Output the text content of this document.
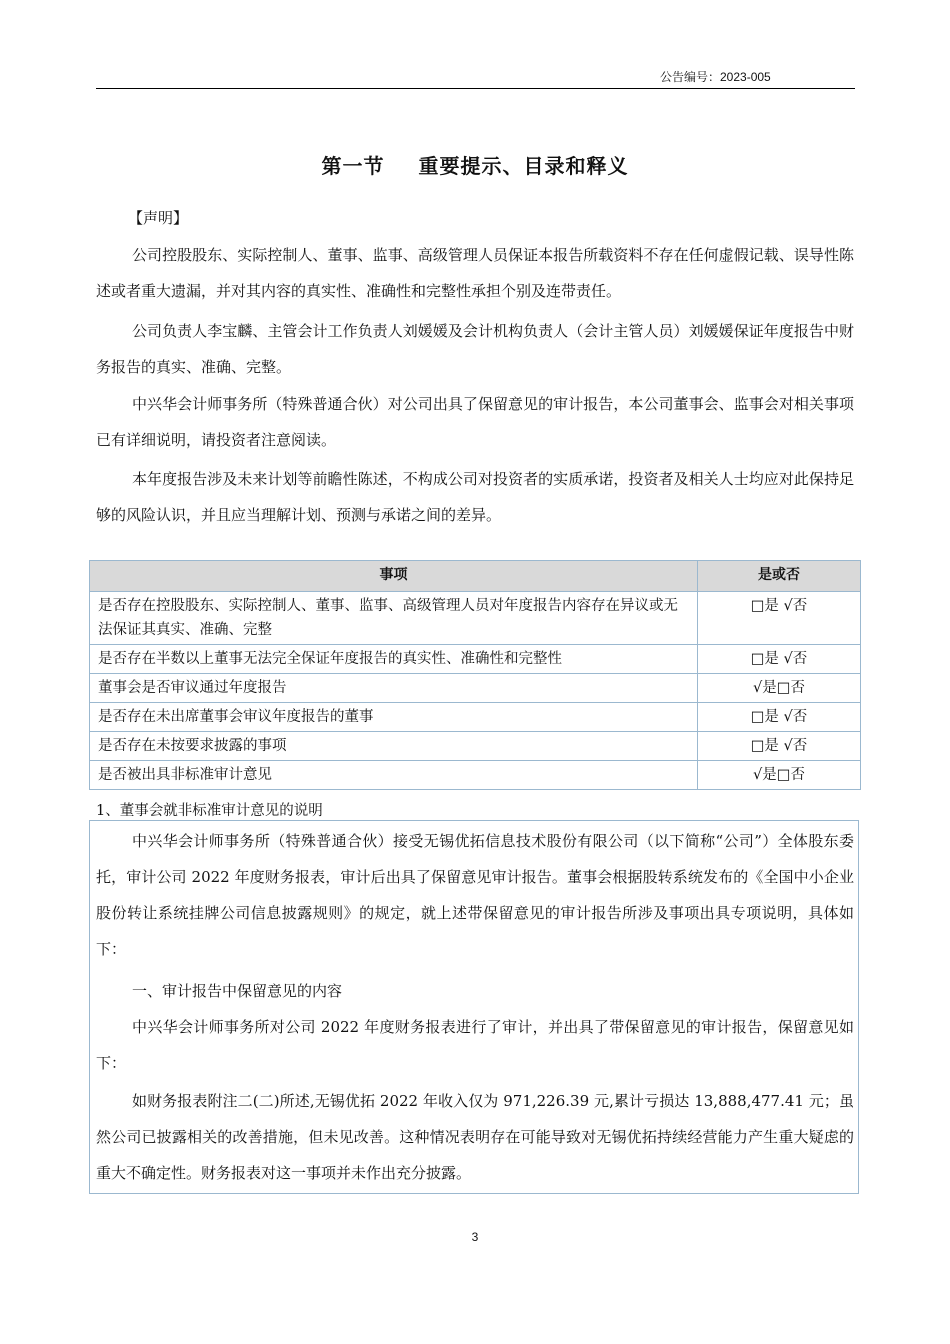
公告编号：2023-005
第一节 重要提示、目录和释义
【声明】

公司控股股东、实际控制人、董事、监事、高级管理人员保证本报告所载资料不存在任何虚假记载、误导性陈述或者重大遗漏，并对其内容的真实性、准确性和完整性承担个别及连带责任。

公司负责人李宝麟、主管会计工作负责人刘媛媛及会计机构负责人（会计主管人员）刘媛媛保证年度报告中财务报告的真实、准确、完整。

中兴华会计师事务所（特殊普通合伙）对公司出具了保留意见的审计报告，本公司董事会、监事会对相关事项已有详细说明，请投资者注意阅读。

本年度报告涉及未来计划等前瞻性陈述，不构成公司对投资者的实质承诺，投资者及相关人士均应对此保持足够的风险认识，并且应当理解计划、预测与承诺之间的差异。

事项	是或否
是否存在控股股东、实际控制人、董事、监事、高级管理人员对年度报告内容存在异议或无法保证其真实、准确、完整	□是 √否
是否存在半数以上董事无法完全保证年度报告的真实性、准确性和完整性	□是 √否
董事会是否审议通过年度报告	√是□否
是否存在未出席董事会审议年度报告的董事	□是 √否
是否存在未按要求披露的事项	□是 √否
是否被出具非标准审计意见	√是□否
1、董事会就非标准审计意见的说明

中兴华会计师事务所（特殊普通合伙）接受无锡优拓信息技术股份有限公司（以下简称“公司”）全体股东委托，审计公司 2022 年度财务报表，审计后出具了保留意见审计报告。董事会根据股转系统发布的《全国中小企业股份转让系统挂牌公司信息披露规则》的规定，就上述带保留意见的审计报告所涉及事项出具专项说明，具体如下：

一、审计报告中保留意见的内容

中兴华会计师事务所对公司 2022 年度财务报表进行了审计，并出具了带保留意见的审计报告，保留意见如下：

如财务报表附注二(二)所述,无锡优拓 2022 年收入仅为 971,226.39 元,累计亏损达 13,888,477.41 元；虽然公司已披露相关的改善措施，但未见改善。这种情况表明存在可能导致对无锡优拓持续经营能力产生重大疑虑的重大不确定性。财务报表对这一事项并未作出充分披露。

3
